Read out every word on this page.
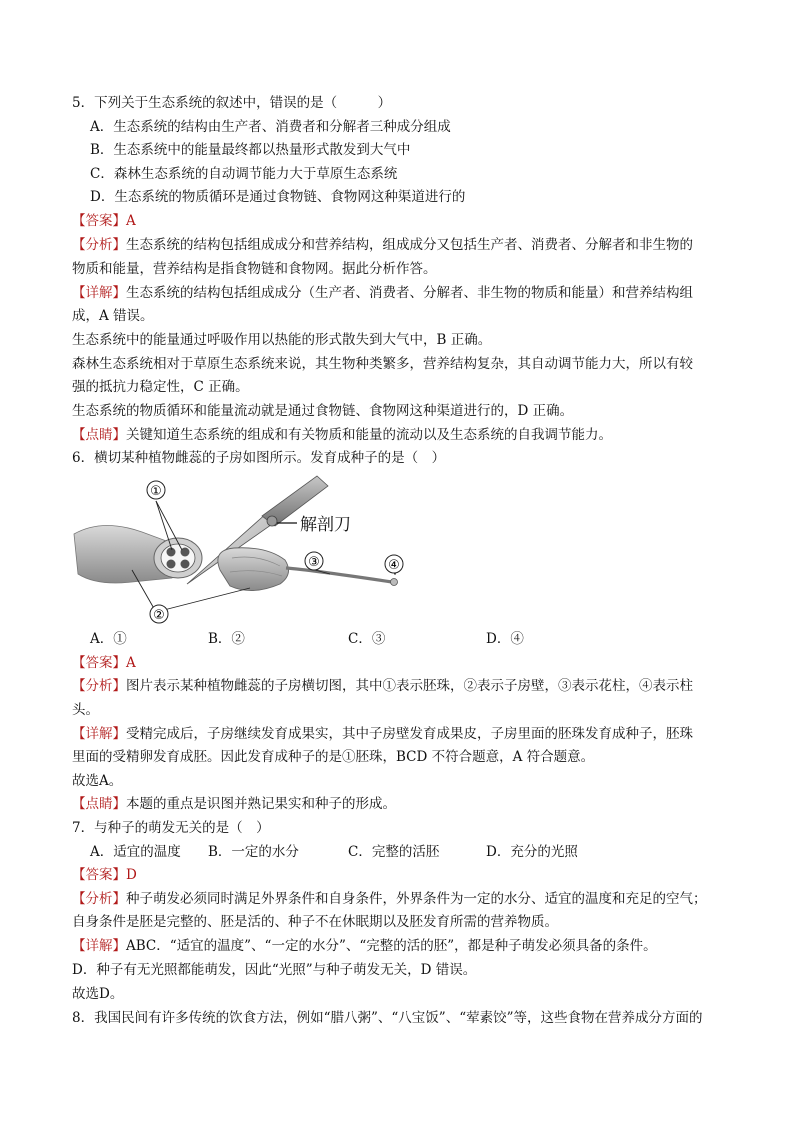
5．下列关于生态系统的叙述中，错误的是（　　　）
A．生态系统的结构由生产者、消费者和分解者三种成分组成
B．生态系统中的能量最终都以热量形式散发到大气中
C．森林生态系统的自动调节能力大于草原生态系统
D．生态系统的物质循环是通过食物链、食物网这种渠道进行的
【答案】A
【分析】生态系统的结构包括组成成分和营养结构，组成成分又包括生产者、消费者、分解者和非生物的
物质和能量，营养结构是指食物链和食物网。据此分析作答。
【详解】生态系统的结构包括组成成分（生产者、消费者、分解者、非生物的物质和能量）和营养结构组
成，A 错误。
生态系统中的能量通过呼吸作用以热能的形式散失到大气中，B 正确。
森林生态系统相对于草原生态系统来说，其生物种类繁多，营养结构复杂，其自动调节能力大，所以有较
强的抵抗力稳定性，C 正确。
生态系统的物质循环和能量流动就是通过食物链、食物网这种渠道进行的，D 正确。
【点睛】关键知道生态系统的组成和有关物质和能量的流动以及生态系统的自我调节能力。
6．横切某种植物雌蕊的子房如图所示。发育成种子的是（　）
解剖刀
①
②
③	④
A．①	B．②	C．③	D．④
【答案】A
【分析】图片表示某种植物雌蕊的子房横切图，其中①表示胚珠，②表示子房壁，③表示花柱，④表示柱
头。
【详解】受精完成后，子房继续发育成果实，其中子房壁发育成果皮，子房里面的胚珠发育成种子，胚珠
里面的受精卵发育成胚。因此发育成种子的是①胚珠，BCD 不符合题意，A 符合题意。
故选A。
【点睛】本题的重点是识图并熟记果实和种子的形成。
7．与种子的萌发无关的是（　）
A．适宜的温度 B．一定的水分	C．完整的活胚	D．充分的光照
【答案】D
【分析】种子萌发必须同时满足外界条件和自身条件，外界条件为一定的水分、适宜的温度和充足的空气；
自身条件是胚是完整的、胚是活的、种子不在休眠期以及胚发育所需的营养物质。
【详解】ABC．“适宜的温度”、“一定的水分”、“完整的活的胚”，都是种子萌发必须具备的条件。
D．种子有无光照都能萌发，因此“光照”与种子萌发无关，D 错误。
故选D。
8．我国民间有许多传统的饮食方法，例如“腊八粥”、“八宝饭”、“荤素饺”等，这些食物在营养成分方面的
